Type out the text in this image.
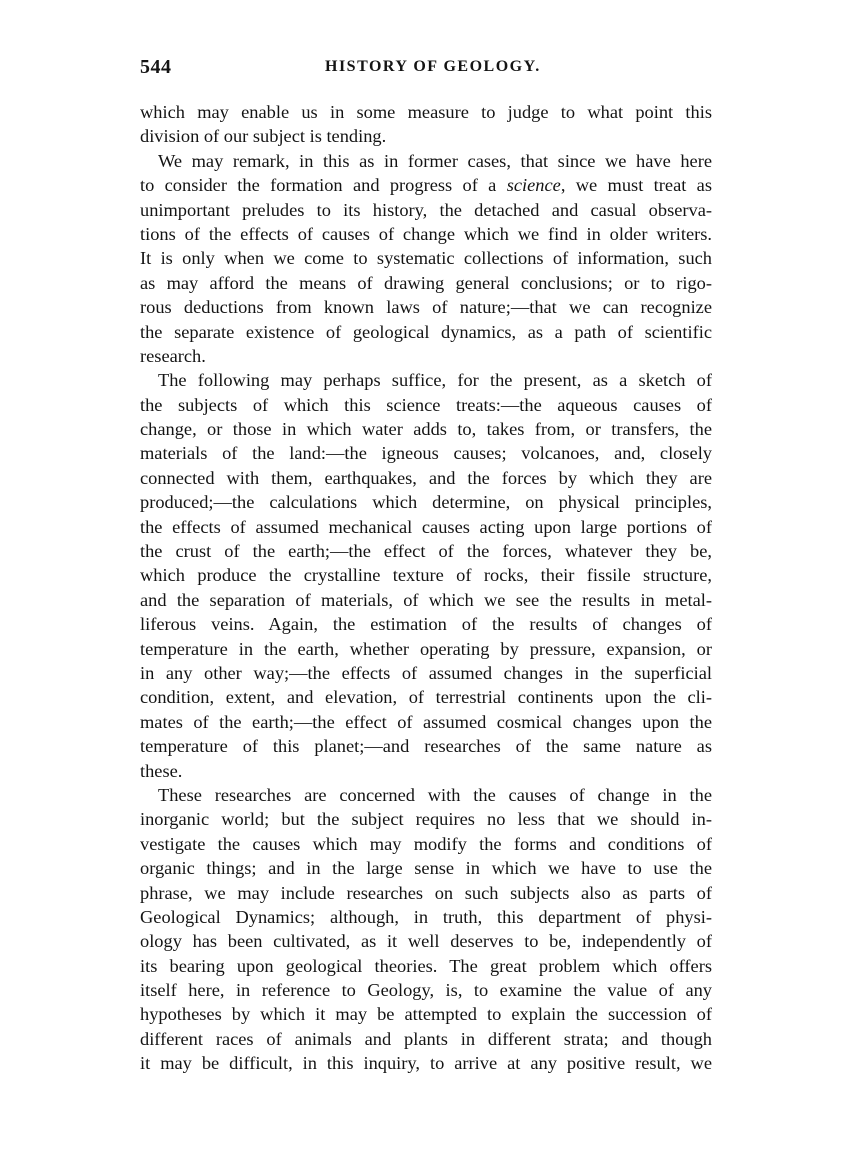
544	HISTORY OF GEOLOGY.
which may enable us in some measure to judge to what point this
division of our subject is tending.
We may remark, in this as in former cases, that since we have here
to consider the formation and progress of a science, we must treat as
unimportant preludes to its history, the detached and casual observa-
tions of the effects of causes of change which we find in older writers.
It is only when we come to systematic collections of information, such
as may afford the means of drawing general conclusions; or to rigo-
rous deductions from known laws of nature;—that we can recognize
the separate existence of geological dynamics, as a path of scientific
research.
The following may perhaps suffice, for the present, as a sketch of
the subjects of which this science treats:—the aqueous causes of
change, or those in which water adds to, takes from, or transfers, the
materials of the land:—the igneous causes; volcanoes, and, closely
connected with them, earthquakes, and the forces by which they are
produced;—the calculations which determine, on physical principles,
the effects of assumed mechanical causes acting upon large portions of
the crust of the earth;—the effect of the forces, whatever they be,
which produce the crystalline texture of rocks, their fissile structure,
and the separation of materials, of which we see the results in metal-
liferous veins. Again, the estimation of the results of changes of
temperature in the earth, whether operating by pressure, expansion, or
in any other way;—the effects of assumed changes in the superficial
condition, extent, and elevation, of terrestrial continents upon the cli-
mates of the earth;—the effect of assumed cosmical changes upon the
temperature of this planet;—and researches of the same nature as
these.
These researches are concerned with the causes of change in the
inorganic world; but the subject requires no less that we should in-
vestigate the causes which may modify the forms and conditions of
organic things; and in the large sense in which we have to use the
phrase, we may include researches on such subjects also as parts of
Geological Dynamics; although, in truth, this department of physi-
ology has been cultivated, as it well deserves to be, independently of
its bearing upon geological theories. The great problem which offers
itself here, in reference to Geology, is, to examine the value of any
hypotheses by which it may be attempted to explain the succession of
different races of animals and plants in different strata; and though
it may be difficult, in this inquiry, to arrive at any positive result, we
